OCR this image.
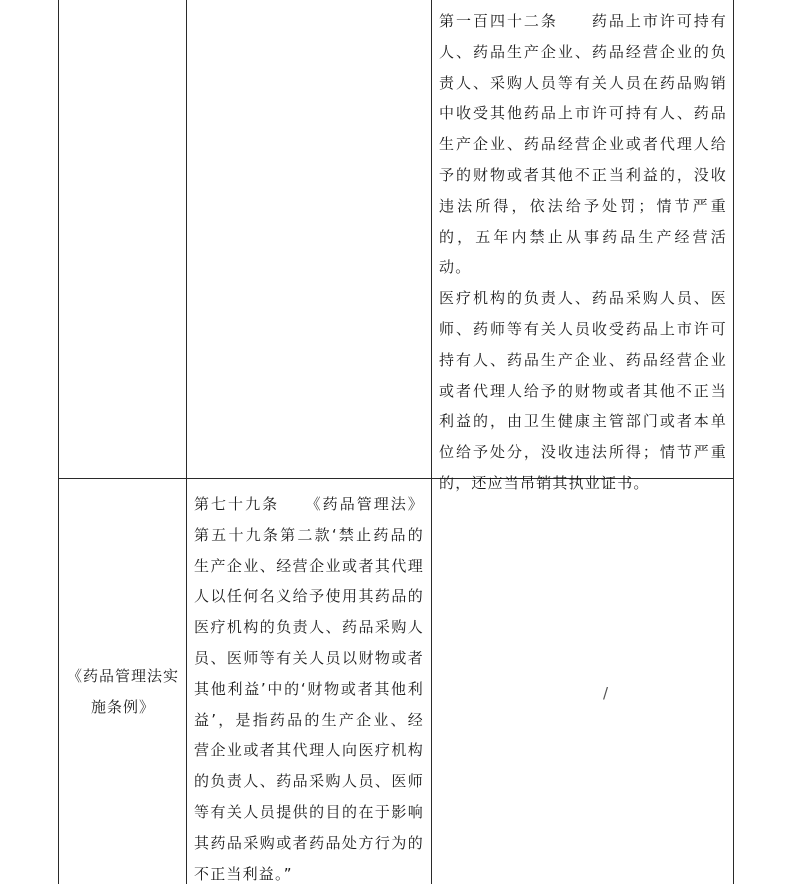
第一百四十二条　　药品上市许可持有人、药品生产企业、药品经营企业的负责人、采购人员等有关人员在药品购销中收受其他药品上市许可持有人、药品生产企业、药品经营企业或者代理人给予的财物或者其他不正当利益的，没收违法所得，依法给予处罚；情节严重的，五年内禁止从事药品生产经营活动。

医疗机构的负责人、药品采购人员、医师、药师等有关人员收受药品上市许可持有人、药品生产企业、药品经营企业或者代理人给予的财物或者其他不正当利益的，由卫生健康主管部门或者本单位给予处分，没收违法所得；情节严重的，还应当吊销其执业证书。

《药品管理法实施条例》
第七十九条　　《药品管理法》第五十九条第二款‘禁止药品的生产企业、经营企业或者其代理人以任何名义给予使用其药品的医疗机构的负责人、药品采购人员、医师等有关人员以财物或者其他利益’中的‘财物或者其他利益’，是指药品的生产企业、经营企业或者其代理人向医疗机构的负责人、药品采购人员、医师等有关人员提供的目的在于影响其药品采购或者药品处方行为的不正当利益。”
/
